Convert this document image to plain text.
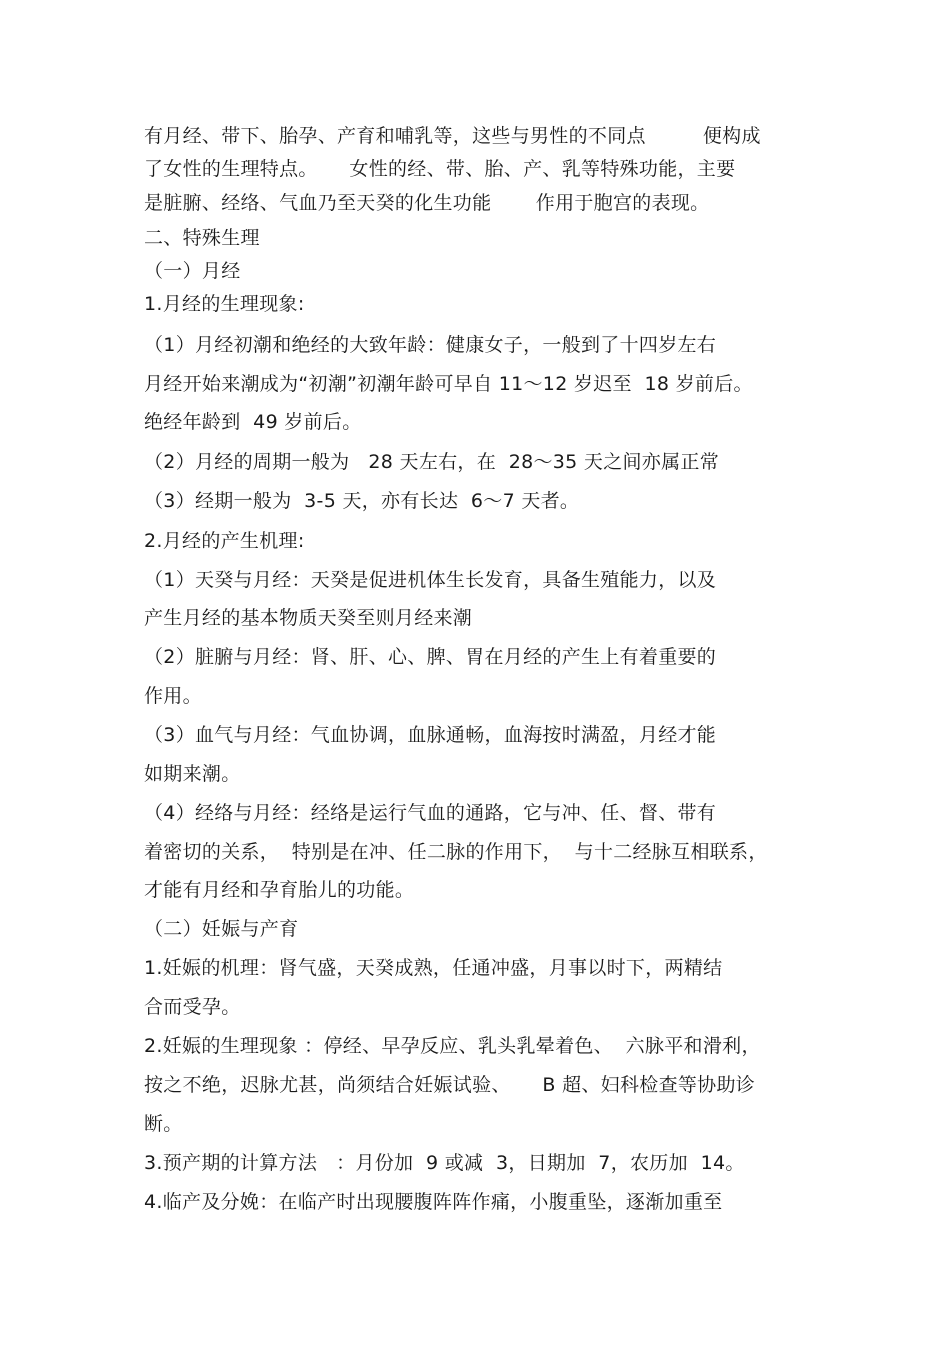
有月经、带下、胎孕、产育和哺乳等，这些与男性的不同点         便构成
了女性的生理特点。     女性的经、带、胎、产、乳等特殊功能，主要
是脏腑、经络、气血乃至天癸的化生功能       作用于胞宫的表现。
二、特殊生理
（一）月经
1.月经的生理现象:
（1）月经初潮和绝经的大致年龄：健康女子，一般到了十四岁左右
月经开始来潮成为“初潮”初潮年龄可早自 11～12 岁迟至  18 岁前后。
绝经年龄到  49 岁前后。
（2）月经的周期一般为   28 天左右，在  28～35 天之间亦属正常
（3）经期一般为  3-5 天，亦有长达  6～7 天者。
2.月经的产生机理:
（1）天癸与月经：天癸是促进机体生长发育，具备生殖能力，以及
产生月经的基本物质天癸至则月经来潮
（2）脏腑与月经：肾、肝、心、脾、胃在月经的产生上有着重要的
作用。
（3）血气与月经：气血协调，血脉通畅，血海按时满盈，月经才能
如期来潮。
（4）经络与月经：经络是运行气血的通路，它与冲、任、督、带有
着密切的关系，  特别是在冲、任二脉的作用下，  与十二经脉互相联系，
才能有月经和孕育胎儿的功能。
（二）妊娠与产育
1.妊娠的机理：肾气盛，天癸成熟，任通冲盛，月事以时下，两精结
合而受孕。
2.妊娠的生理现象 ：停经、早孕反应、乳头乳晕着色、  六脉平和滑利，
按之不绝，迟脉尤甚，尚须结合妊娠试验、     B 超、妇科检查等协助诊
断。
3.预产期的计算方法   ：月份加  9 或减  3，日期加  7，农历加  14。
4.临产及分娩：在临产时出现腰腹阵阵作痛，小腹重坠，逐渐加重至
